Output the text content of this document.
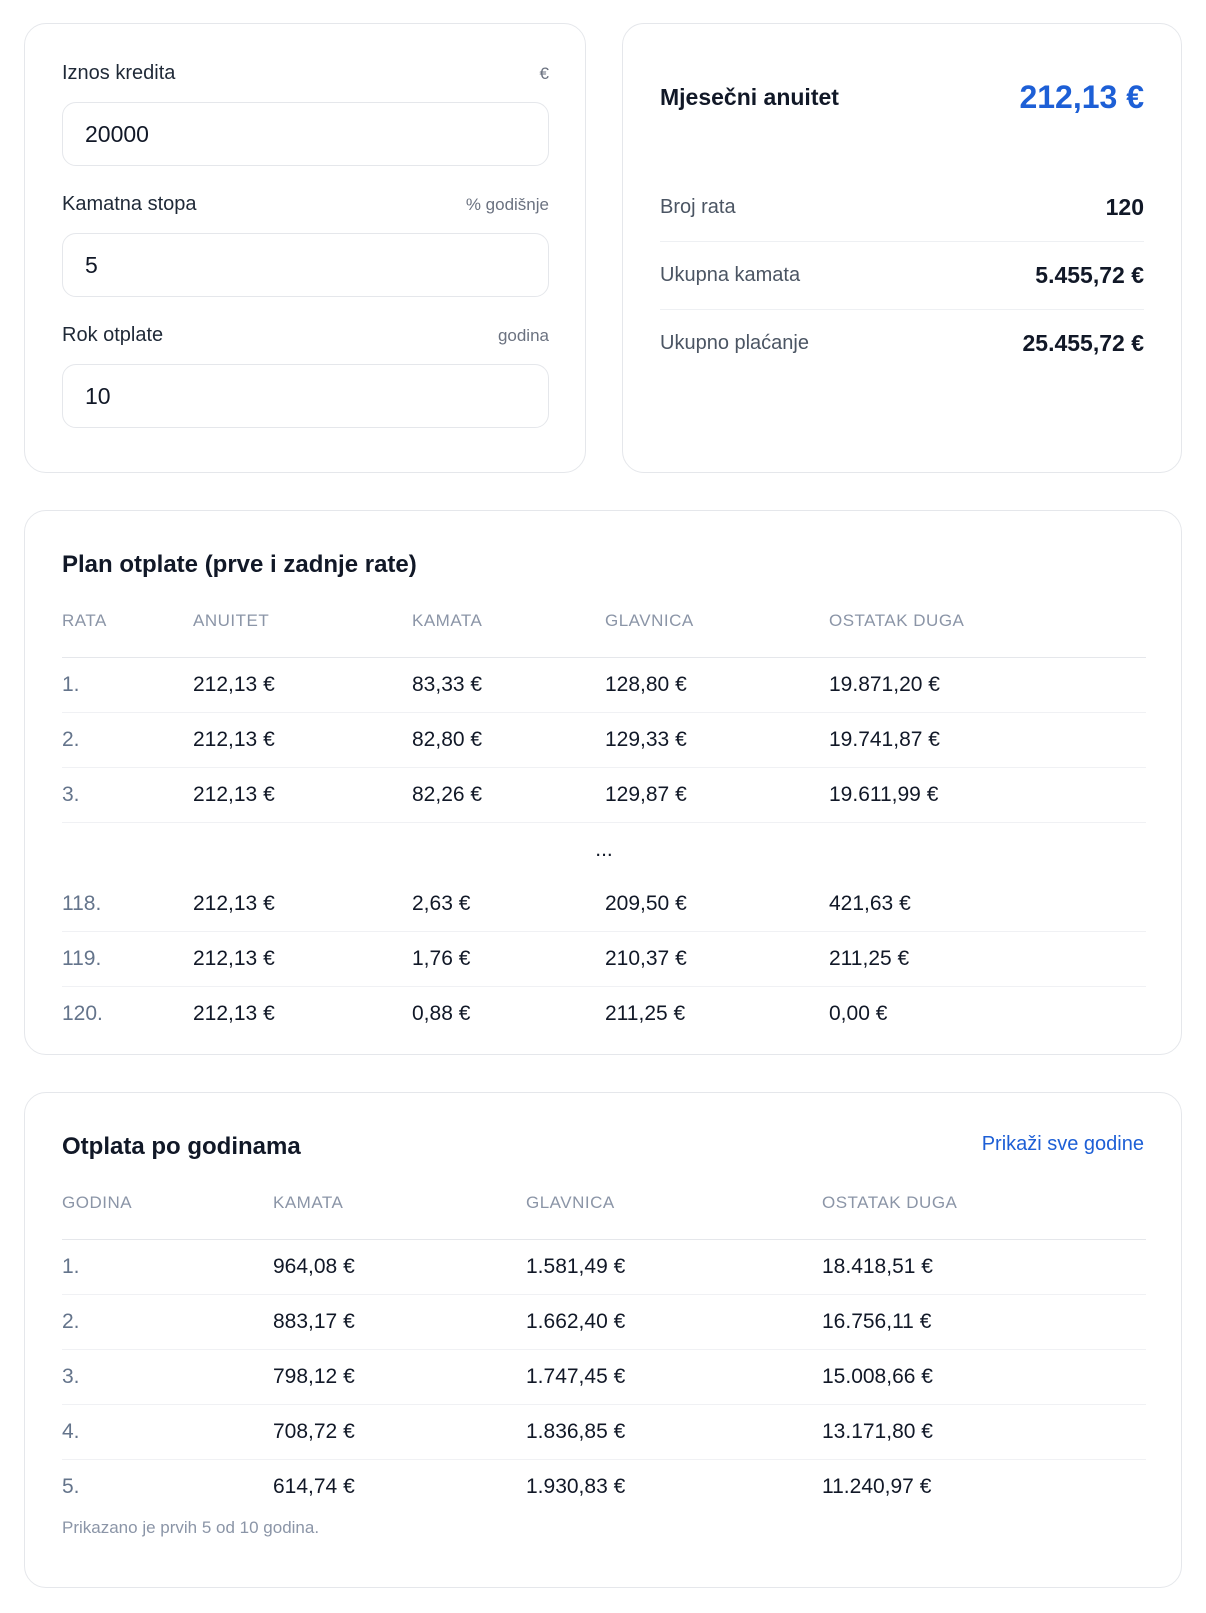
Iznos kredita	€
20000
Kamatna stopa	% godišnje
5
Rok otplate	godina
10
Mjesečni anuitet	212,13 €
Broj rata	120
Ukupna kamata	5.455,72 €
Ukupno plaćanje	25.455,72 €
Plan otplate (prve i zadnje rate)
RATA	ANUITET	KAMATA	GLAVNICA	OSTATAK DUGA
1.	212,13 €	83,33 €	128,80 €	19.871,20 €
2.	212,13 €	82,80 €	129,33 €	19.741,87 €
3.	212,13 €	82,26 €	129,87 €	19.611,99 €
...				
118.	212,13 €	2,63 €	209,50 €	421,63 €
119.	212,13 €	1,76 €	210,37 €	211,25 €
120.	212,13 €	0,88 €	211,25 €	0,00 €
Otplata po godinama	Prikaži sve godine
GODINA	KAMATA	GLAVNICA	OSTATAK DUGA
1.	964,08 €	1.581,49 €	18.418,51 €
2.	883,17 €	1.662,40 €	16.756,11 €
3.	798,12 €	1.747,45 €	15.008,66 €
4.	708,72 €	1.836,85 €	13.171,80 €
5.	614,74 €	1.930,83 €	11.240,97 €
Prikazano je prvih 5 od 10 godina.
